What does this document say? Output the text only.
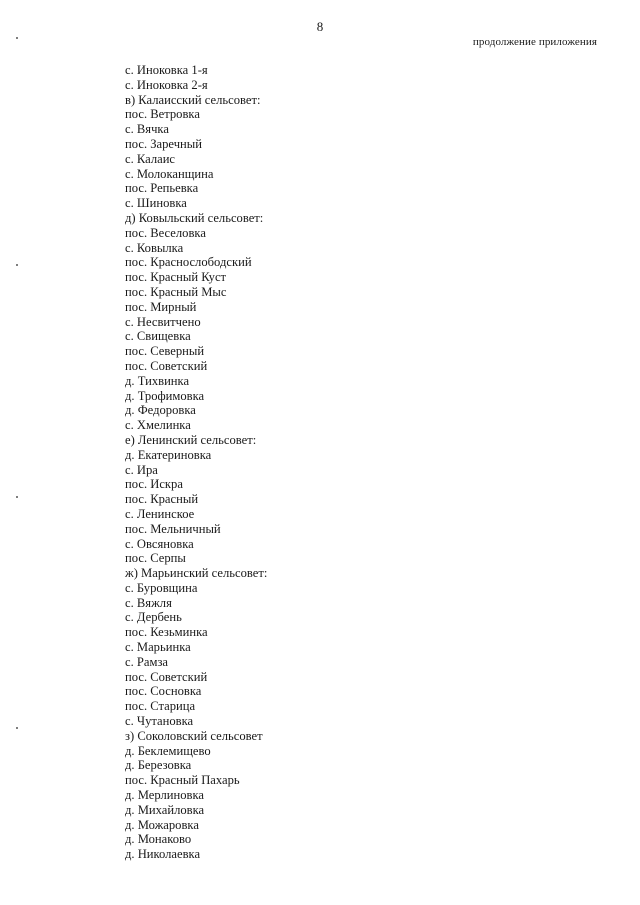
8

продолжение приложения

с. Иноковка 1-я
с. Иноковка 2-я
в) Калаисский сельсовет:
пос. Ветровка
с. Вячка
пос. Заречный
с. Калаис
с. Молоканщина
пос. Репьевка
с. Шиновка
д) Ковыльский сельсовет:
пос. Веселовка
с. Ковылка
пос. Краснослободский
пос. Красный Куст
пос. Красный Мыс
пос. Мирный
с. Несвитчено
с. Свищевка
пос. Северный
пос. Советский
д. Тихвинка
д. Трофимовка
д. Федоровка
с. Хмелинка
е) Ленинский сельсовет:
д. Екатериновка
с. Ира
пос. Искра
пос. Красный
с. Ленинское
пос. Мельничный
с. Овсяновка
пос. Серпы
ж) Марьинский сельсовет:
с. Буровщина
с. Вяжля
с. Дербень
пос. Кезьминка
с. Марьинка
с. Рамза
пос. Советский
пос. Сосновка
пос. Старица
с. Чутановка
з) Соколовский сельсовет
д. Беклемищево
д. Березовка
пос. Красный Пахарь
д. Мерлиновка
д. Михайловка
д. Можаровка
д. Монаково
д. Николаевка
